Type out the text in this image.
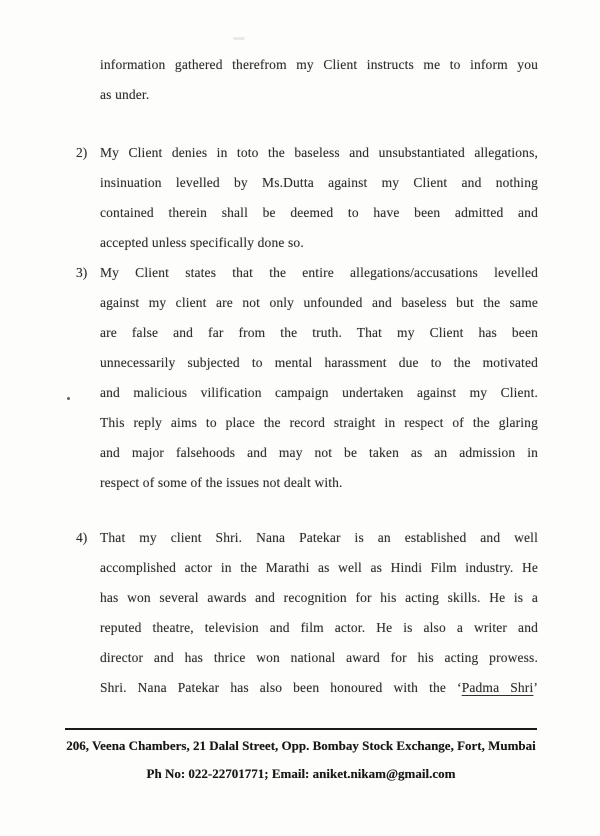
information gathered therefrom my Client instructs me to inform you
as under.
2) My Client denies in toto the baseless and unsubstantiated allegations,
insinuation levelled by Ms.Dutta against my Client and nothing
contained therein shall be deemed to have been admitted and
accepted unless specifically done so.
3) My Client states that the entire allegations/accusations levelled
against my client are not only unfounded and baseless but the same
are false and far from the truth. That my Client has been
unnecessarily subjected to mental harassment due to the motivated
and malicious vilification campaign undertaken against my Client.
This reply aims to place the record straight in respect of the glaring
and major falsehoods and may not be taken as an admission in
respect of some of the issues not dealt with.
4) That my client Shri. Nana Patekar is an established and well
accomplished actor in the Marathi as well as Hindi Film industry. He
has won several awards and recognition for his acting skills. He is a
reputed theatre, television and film actor. He is also a writer and
director and has thrice won national award for his acting prowess.
Shri. Nana Patekar has also been honoured with the ‘Padma Shri’
206, Veena Chambers, 21 Dalal Street, Opp. Bombay Stock Exchange, Fort, Mumbai
Ph No: 022-22701771; Email: aniket.nikam@gmail.com
